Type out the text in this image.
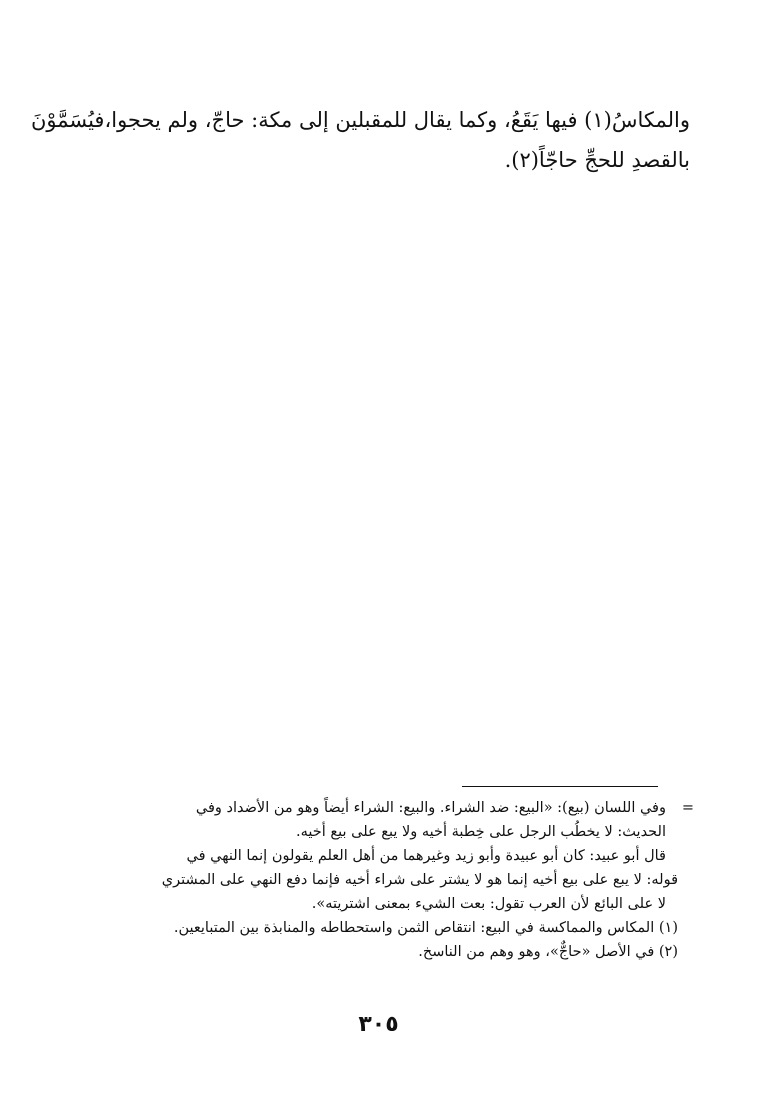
والمكاسُ(١) فيها يَقَعُ، وكما يقال للمقبلين إلى مكة: حاجّ، ولم يحجوا،فيُسَمَّوْنَ
بالقصدِ للحجِّ حاجّاً(٢).
=
وفي اللسان (بيع): «البيع: ضد الشراء. والبيع: الشراء أيضاً وهو من الأضداد وفي
الحديث: لا يخطُب الرجل على خِطبة أخيه ولا يبع على بيع أخيه.
قال أبو عبيد: كان أبو عبيدة وأبو زيد وغيرهما من أهل العلم يقولون إنما النهي في
قوله: لا يبع على بيع أخيه إنما هو لا يشتر على شراء أخيه فإنما دفع النهي على المشتري
لا على البائع لأن العرب تقول: بعت الشيء بمعنى اشتريته».
(١) المكاس والمماكسة في البيع: انتقاص الثمن واستحطاطه والمنابذة بين المتبايعين.
(٢) في الأصل «حاجٌّ»، وهو وهم من الناسخ.
٣٠٥
